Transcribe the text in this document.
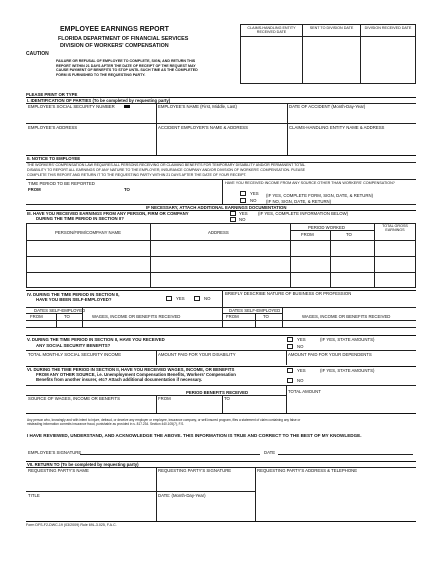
EMPLOYEE EARNINGS REPORT
FLORIDA DEPARTMENT OF FINANCIAL SERVICES
DIVISION OF WORKERS' COMPENSATION
CAUTION
FAILURE OR REFUSAL OF EMPLOYEE TO COMPLETE, SIGN, AND RETURN THIS
REPORT WITHIN 21 DAYS AFTER THE DATE OF RECEIPT OF THE REQUEST MAY
CAUSE PAYMENT OF BENEFITS TO STOP UNTIL SUCH TIME AS THE COMPLETED
FORM IS FURNISHED TO THE REQUESTING PARTY.
CLAIMS-HANDLING ENTITY RECEIVED DATE
SENT TO DIVISION DATE	DIVISION RECEIVED DATE
PLEASE PRINT OR TYPE
I. IDENTIFICATION OF PARTIES (To be completed by requesting party)
EMPLOYEE'S SOCIAL SECURITY NUMBER	EMPLOYEE'S NAME (First, Middle, Last)	DATE OF ACCIDENT (Month-Day-Year)
EMPLOYEE'S ADDRESS	ACCIDENT EMPLOYER'S NAME & ADDRESS	CLAIMS-HANDLING ENTITY NAME & ADDRESS
II. NOTICE TO EMPLOYEE
THE WORKERS' COMPENSATION LAW REQUIRES ALL PERSONS RECEIVING OR CLAIMING BENEFITS FOR TEMPORARY DISABILITY AND/OR PERMANENT TOTAL
DISABILITY TO REPORT ALL EARNINGS OF ANY NATURE TO THE EMPLOYER, INSURANCE COMPANY AND/OR DIVISION OF WORKERS' COMPENSATION. PLEASE
COMPLETE THIS REPORT AND RETURN IT TO THE REQUESTING PARTY WITHIN 21 DAYS AFTER THE DATE OF YOUR RECEIPT.
TIME PERIOD TO BE REPORTED
FROM	TO
HAVE YOU RECEIVED INCOME FROM ANY SOURCE OTHER THAN WORKERS' COMPENSATION?
YES (IF YES, COMPLETE FORM, SIGN, DATE, & RETURN)
NO (IF NO, SIGN, DATE, & RETURN)
IF NECESSARY, ATTACH ADDITIONAL EARNINGS DOCUMENTATION
III. HAVE YOU RECEIVED EARNINGS FROM ANY PERSON, FIRM OR COMPANY
DURING THE TIME PERIOD IN SECTION II?
YES (IF YES, COMPLETE INFORMATION BELOW)
NO
PERSON/FIRM/COMPANY NAME	ADDRESS
PERIOD WORKED
FROM	TO
TOTAL GROSS EARNINGS
IV. DURING THE TIME PERIOD IN SECTION II,
HAVE YOU BEEN SELF-EMPLOYED?	YES	NO
BRIEFLY DESCRIBE NATURE OF BUSINESS OR PROFESSION
DATES SELF-EMPLOYED	DATES SELF-EMPLOYED
FROM	TO	WAGES, INCOME OR BENEFITS RECEIVED	FROM	TO	WAGES, INCOME OR BENEFITS RECEIVED
V. DURING THE TIME PERIOD IN SECTION II, HAVE YOU RECEIVED
ANY SOCIAL SECURITY BENEFITS?
YES	(IF YES, STATE AMOUNTS)
NO
TOTAL MONTHLY SOCIAL SECURITY INCOME	AMOUNT PAID FOR YOUR DISABILITY	AMOUNT PAID FOR YOUR DEPENDENTS
VI. DURING THE TIME PERIOD IN SECTION II, HAVE YOU RECEIVED WAGES, INCOME, OR BENEFITS
FROM ANY OTHER SOURCE, i.e. Unemployment Compensation Benefits, Workers' Compensation
Benefits from another insurer, etc? Attach additional documentation if necessary.
YES	(IF YES, STATE AMOUNTS)
NO
TOTAL AMOUNT
PERIOD BENEFITS RECEIVED
SOURCE OF WAGES, INCOME OR BENEFITS	FROM	TO
Any person who, knowingly and with intent to injure, defraud, or deceive any employer or employee, insurance company, or self-insured program, files a statement of claim containing any false or
misleading information commits insurance fraud, punishable as provided in s. 817.234. Section 440.105(7), F.S.
I HAVE REVIEWED, UNDERSTAND, AND ACKNOWLEDGE THE ABOVE. THIS INFORMATION IS TRUE AND CORRECT TO THE BEST OF MY KNOWLEDGE.
EMPLOYEE'S SIGNATURE	DATE
VII. RETURN TO (To be completed by requesting party)
REQUESTING PARTY'S NAME	REQUESTING PARTY'S SIGNATURE	REQUESTING PARTY'S ADDRESS & TELEPHONE
TITLE	DATE: (Month-Day-Year)
Form DFS-F2-DWC-19 (03/2009) Rule 69L-3.025, F.A.C.
